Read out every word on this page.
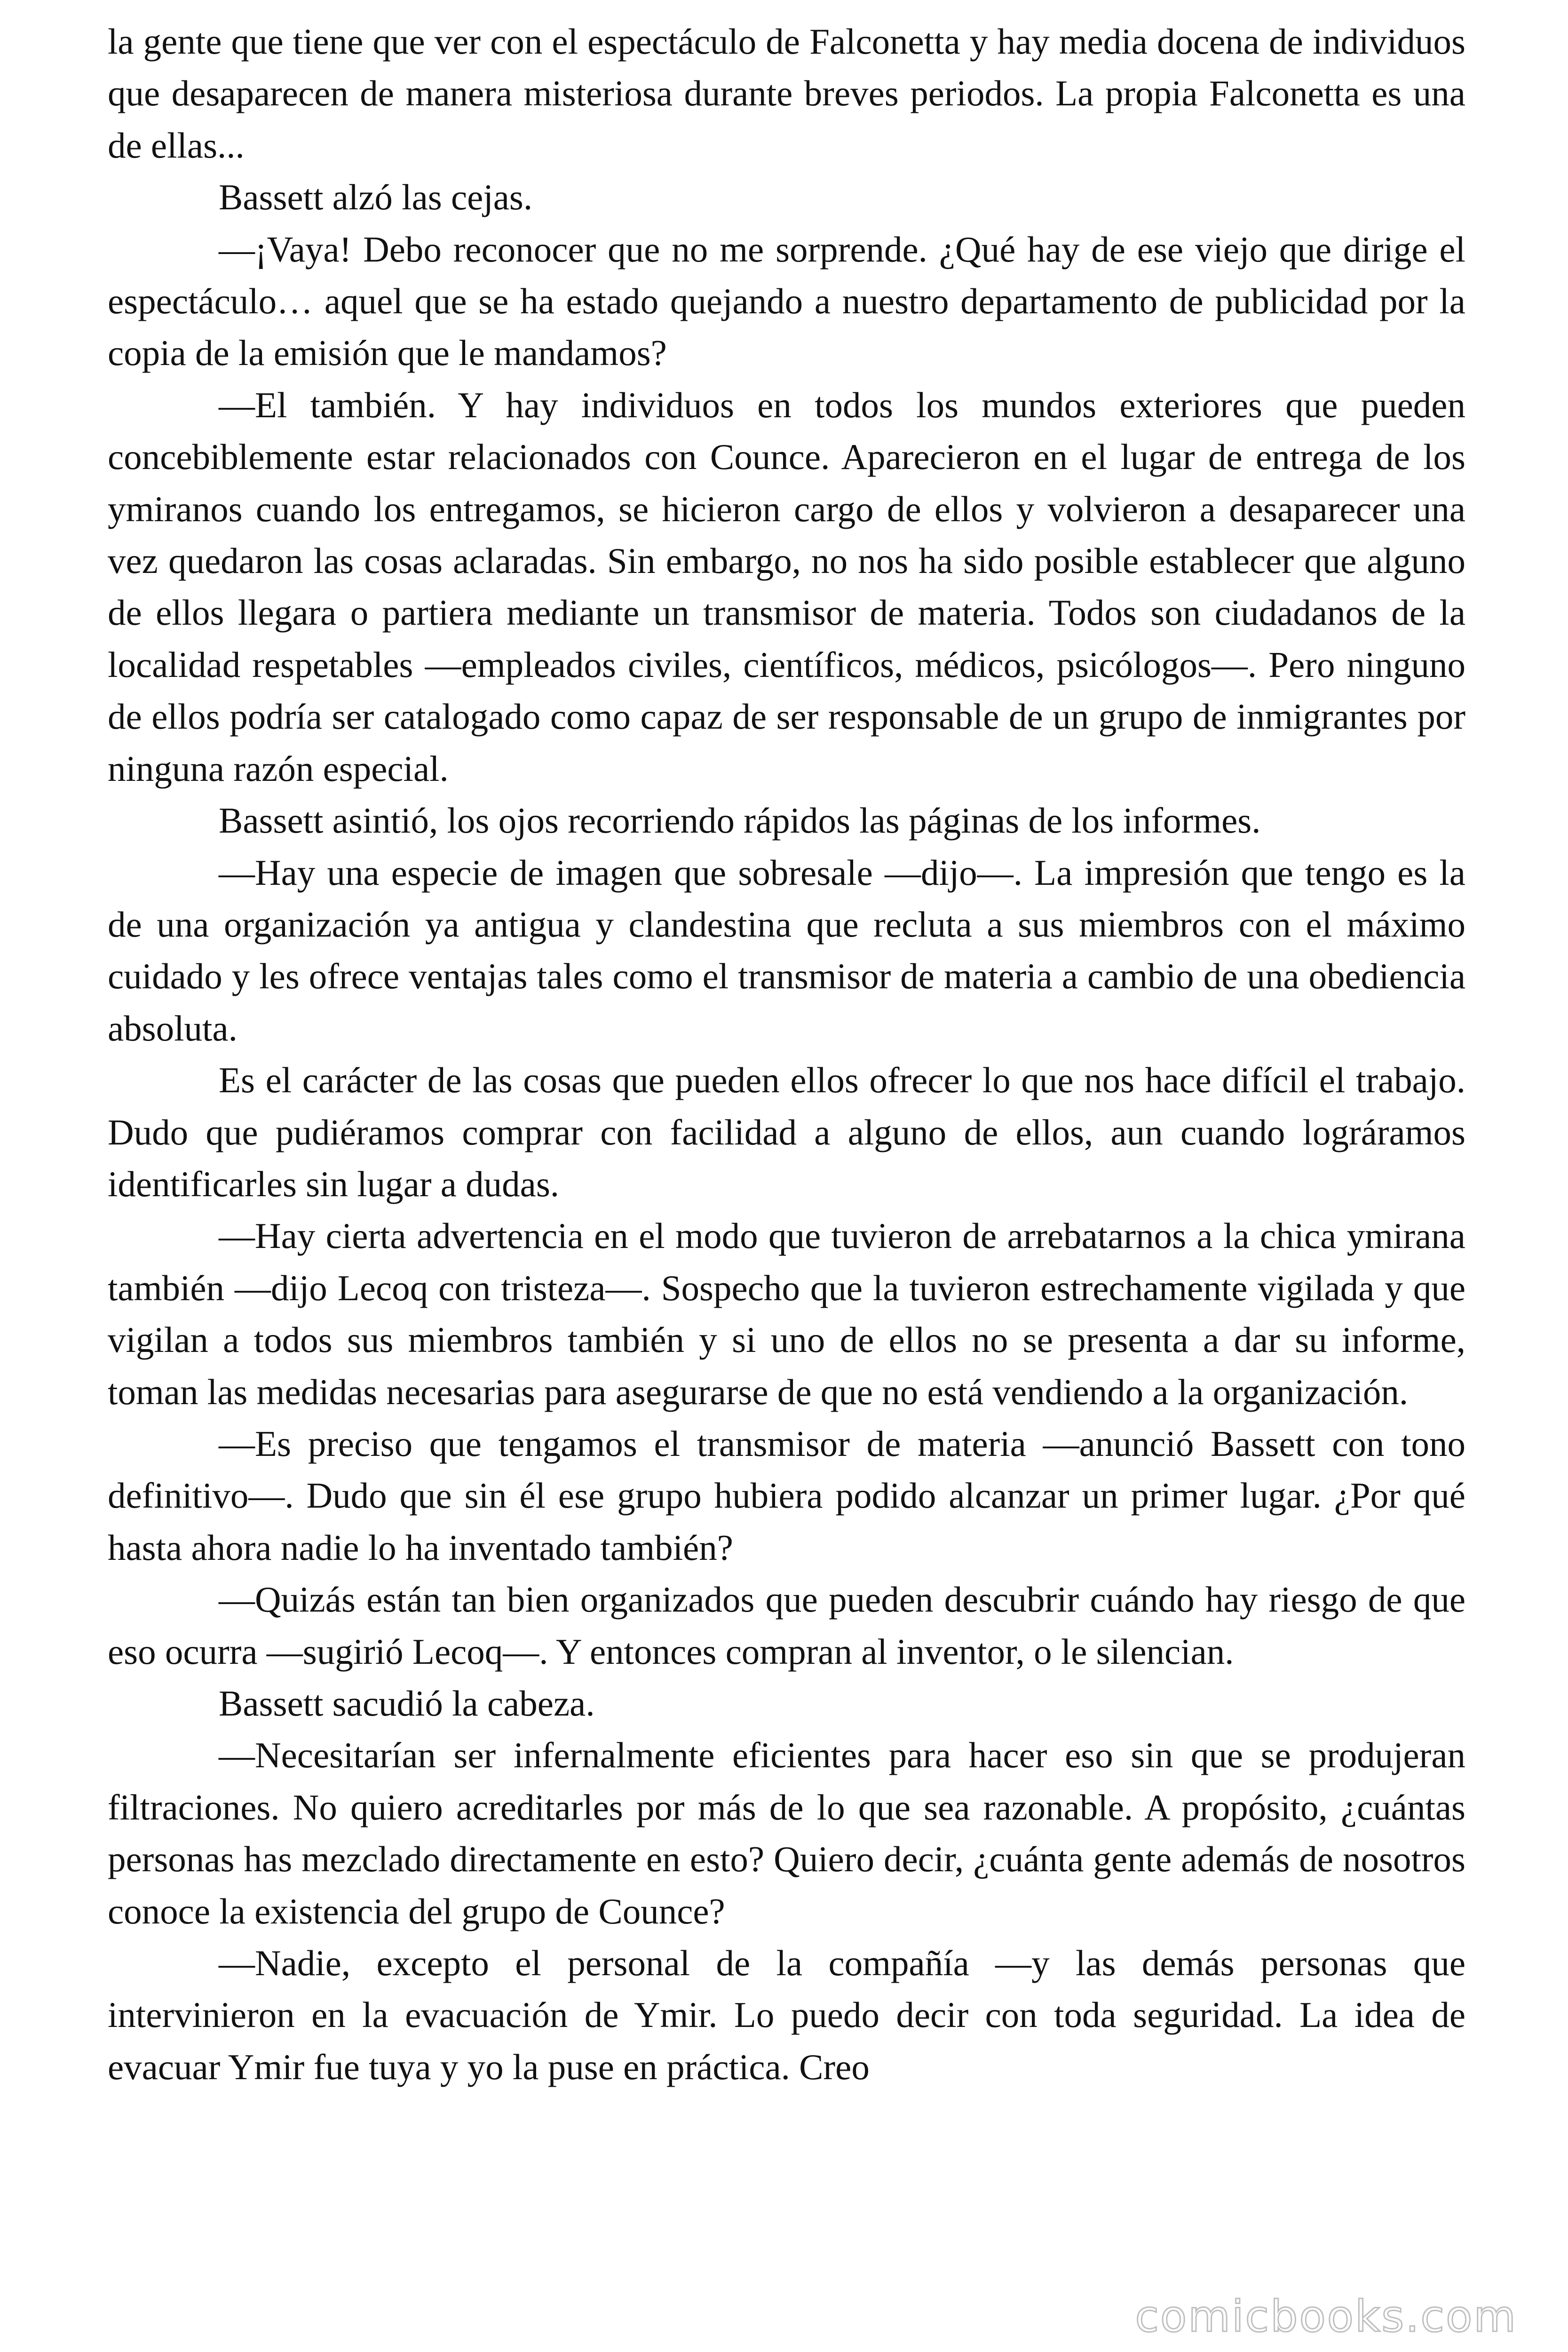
la gente que tiene que ver con el espectáculo de Falconetta y hay media docena de individuos que desaparecen de manera misteriosa durante breves periodos. La propia Falconetta es una de ellas...

Bassett alzó las cejas.

—¡Vaya! Debo reconocer que no me sorprende. ¿Qué hay de ese viejo que dirige el espectáculo… aquel que se ha estado quejando a nuestro departamento de publicidad por la copia de la emisión que le mandamos?

—El también. Y hay individuos en todos los mundos exteriores que pueden concebiblemente estar relacionados con Counce. Aparecieron en el lugar de entrega de los ymiranos cuando los entregamos, se hicieron cargo de ellos y volvieron a desaparecer una vez quedaron las cosas aclaradas. Sin embargo, no nos ha sido posible establecer que alguno de ellos llegara o partiera mediante un transmisor de materia. Todos son ciudadanos de la localidad respetables —empleados civiles, científicos, médicos, psicólogos—. Pero ninguno de ellos podría ser catalogado como capaz de ser responsable de un grupo de inmigrantes por ninguna razón especial.

Bassett asintió, los ojos recorriendo rápidos las páginas de los informes.

—Hay una especie de imagen que sobresale —dijo—. La impresión que tengo es la de una organización ya antigua y clandestina que recluta a sus miembros con el máximo cuidado y les ofrece ventajas tales como el transmisor de materia a cambio de una obediencia absoluta.

Es el carácter de las cosas que pueden ellos ofrecer lo que nos hace difícil el trabajo. Dudo que pudiéramos comprar con facilidad a alguno de ellos, aun cuando lográramos identificarles sin lugar a dudas.

—Hay cierta advertencia en el modo que tuvieron de arrebatarnos a la chica ymirana también —dijo Lecoq con tristeza—. Sospecho que la tuvieron estrechamente vigilada y que vigilan a todos sus miembros también y si uno de ellos no se presenta a dar su informe, toman las medidas necesarias para asegurarse de que no está vendiendo a la organización.

—Es preciso que tengamos el transmisor de materia —anunció Bassett con tono definitivo—. Dudo que sin él ese grupo hubiera podido alcanzar un primer lugar. ¿Por qué hasta ahora nadie lo ha inventado también?

—Quizás están tan bien organizados que pueden descubrir cuándo hay riesgo de que eso ocurra —sugirió Lecoq—. Y entonces compran al inventor, o le silencian.

Bassett sacudió la cabeza.

—Necesitarían ser infernalmente eficientes para hacer eso sin que se produjeran filtraciones. No quiero acreditarles por más de lo que sea razonable. A propósito, ¿cuántas personas has mezclado directamente en esto? Quiero decir, ¿cuánta gente además de nosotros conoce la existencia del grupo de Counce?

—Nadie, excepto el personal de la compañía —y las demás personas que intervinieron en la evacuación de Ymir. Lo puedo decir con toda seguridad. La idea de evacuar Ymir fue tuya y yo la puse en práctica. Creo

comicbooks.com
